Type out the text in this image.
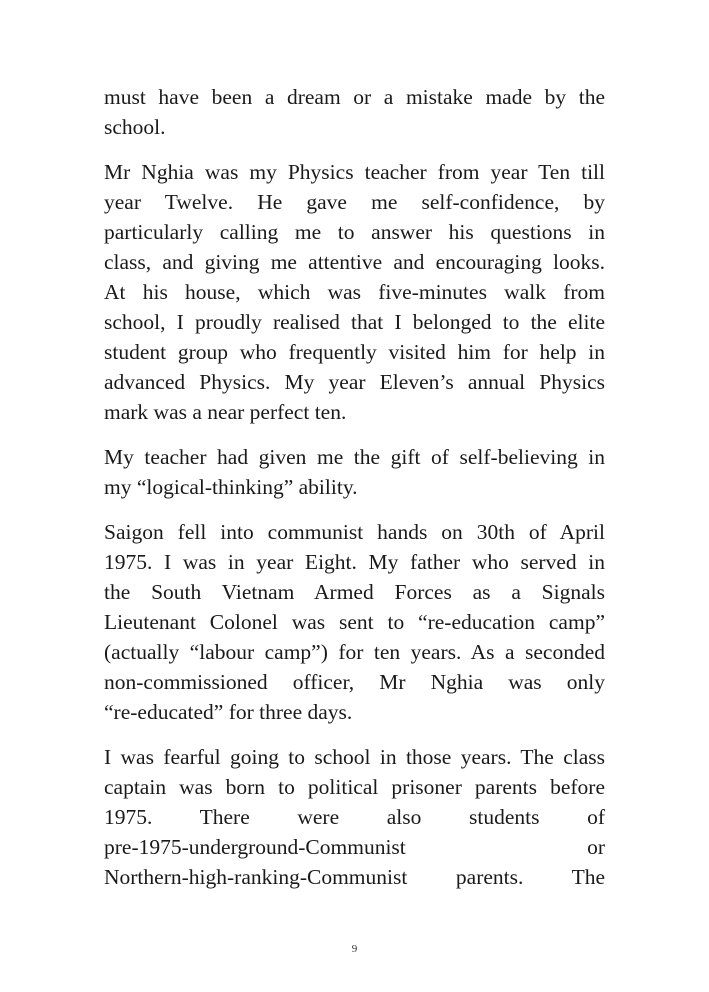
must have been a dream or a mistake made by the
school.

Mr Nghia was my Physics teacher from year Ten till
year Twelve. He gave me self-confidence, by
particularly calling me to answer his questions in
class, and giving me attentive and encouraging looks.
At his house, which was five-minutes walk from
school, I proudly realised that I belonged to the elite
student group who frequently visited him for help in
advanced Physics. My year Eleven’s annual Physics
mark was a near perfect ten.

My teacher had given me the gift of self-believing in
my “logical-thinking” ability.

Saigon fell into communist hands on 30th of April
1975. I was in year Eight. My father who served in
the South Vietnam Armed Forces as a Signals
Lieutenant Colonel was sent to “re-education camp”
(actually “labour camp”) for ten years. As a seconded
non-commissioned officer, Mr Nghia was only
“re-educated” for three days.

I was fearful going to school in those years. The class
captain was born to political prisoner parents before
1975. There were also students of
pre-1975-underground-Communist or
Northern-high-ranking-Communist parents. The

9
